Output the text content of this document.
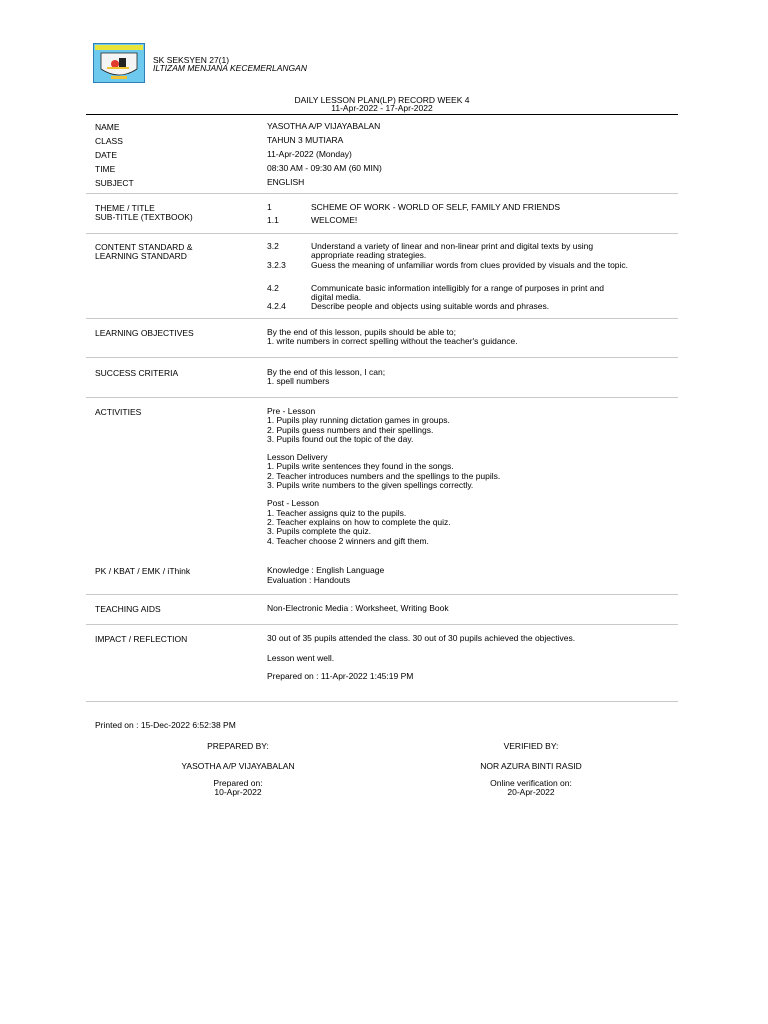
SK SEKSYEN 27(1)
ILTIZAM MENJANA KECEMERLANGAN
DAILY LESSON PLAN(LP) RECORD WEEK 4
11-Apr-2022 - 17-Apr-2022
NAME	YASOTHA A/P VIJAYABALAN
CLASS	TAHUN 3 MUTIARA
DATE	11-Apr-2022 (Monday)
TIME	08:30 AM - 09:30 AM (60 MIN)
SUBJECT	ENGLISH
THEME / TITLE
SUB-TITLE (TEXTBOOK)
1	SCHEME OF WORK - WORLD OF SELF, FAMILY AND FRIENDS
1.1	WELCOME!
CONTENT STANDARD &
LEARNING STANDARD
3.2	Understand a variety of linear and non-linear print and digital texts by using
appropriate reading strategies.
3.2.3	Guess the meaning of unfamiliar words from clues provided by visuals and the topic.
4.2	Communicate basic information intelligibly for a range of purposes in print and
digital media.
4.2.4	Describe people and objects using suitable words and phrases.
LEARNING OBJECTIVES	By the end of this lesson, pupils should be able to;
1. write numbers in correct spelling without the teacher's guidance.
SUCCESS CRITERIA	By the end of this lesson, I can;
1. spell numbers
ACTIVITIES	Pre - Lesson
1. Pupils play running dictation games in groups.
2. Pupils guess numbers and their spellings.
3. Pupils found out the topic of the day.
Lesson Delivery
1. Pupils write sentences they found in the songs.
2. Teacher introduces numbers and the spellings to the pupils.
3. Pupils write numbers to the given spellings correctly.
Post - Lesson
1. Teacher assigns quiz to the pupils.
2. Teacher explains on how to complete the quiz.
3. Pupils complete the quiz.
4. Teacher choose 2 winners and gift them.
PK / KBAT / EMK / iThink	Knowledge : English Language
Evaluation : Handouts
TEACHING AIDS	Non-Electronic Media : Worksheet, Writing Book
IMPACT / REFLECTION	30 out of 35 pupils attended the class. 30 out of 30 pupils achieved the objectives.
Lesson went well.
Prepared on : 11-Apr-2022 1:45:19 PM
Printed on : 15-Dec-2022 6:52:38 PM
PREPARED BY:	VERIFIED BY:
YASOTHA A/P VIJAYABALAN	NOR AZURA BINTI RASID
Prepared on:
10-Apr-2022
Online verification on:
20-Apr-2022
